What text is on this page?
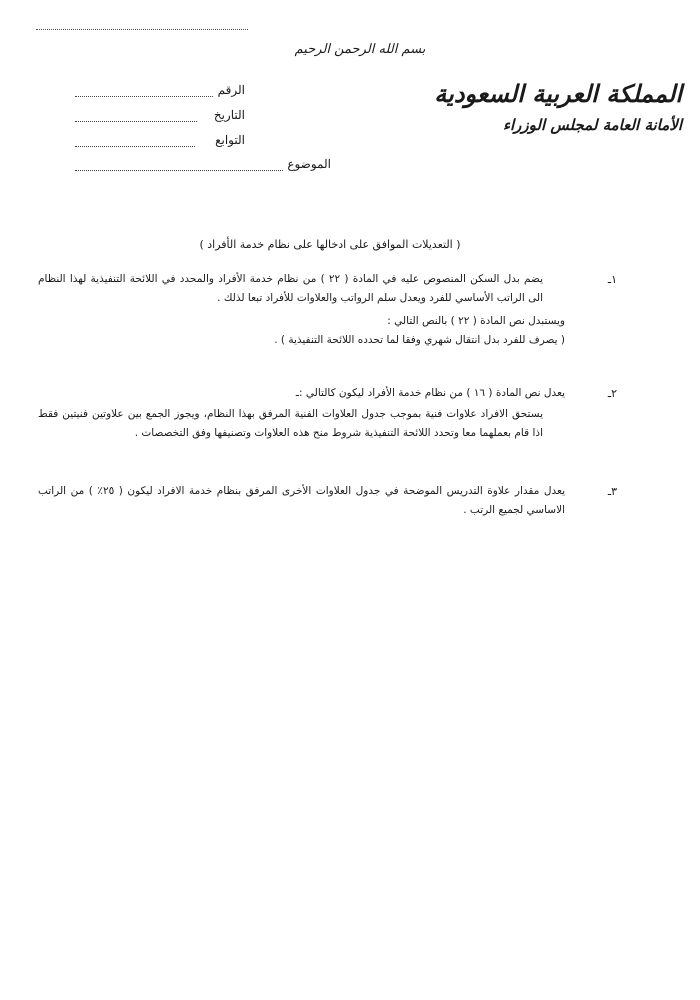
بسم الله الرحمن الرحيم
المملكة العربية السعودية
الأمانة العامة لمجلس الوزراء
الرقم
التاريخ
التوابع
الموضوع
( التعديلات الموافق على ادخالها على نظام خدمة الأفراد )
١ـ

يضم بدل السكن المنصوص عليه في المادة ( ٢٢ ) من نظام خدمة الأفراد والمحدد في اللائحة التنفيذية لهذا النظام الى الراتب الأساسي للفرد ويعدل سلم الرواتب والعلاوات للأفراد تبعا لذلك .

ويستبدل نص المادة ( ٢٢ ) بالنص التالي :

( يصرف للفرد بدل انتقال شهري وفقا لما تحدده اللائحة التنفيذية ) .

٢ـ

يعدل نص المادة ( ١٦ ) من نظام خدمة الأفراد ليكون كالتالي :ـ

يستحق الافراد علاوات فنية بموجب جدول العلاوات الفنية المرفق بهذا النظام، ويجوز الجمع بين علاوتين فنيتين فقط اذا قام بعملهما معا وتحدد اللائحة التنفيذية شروط منح هذه العلاوات وتصنيفها وفق التخصصات .

٣ـ

يعدل مقدار علاوة التدريس الموضحة في جدول العلاوات الأخرى المرفق بنظام خدمة الافراد ليكون ( ٢٥٪ ) من الراتب الاساسي لجميع الرتب .
